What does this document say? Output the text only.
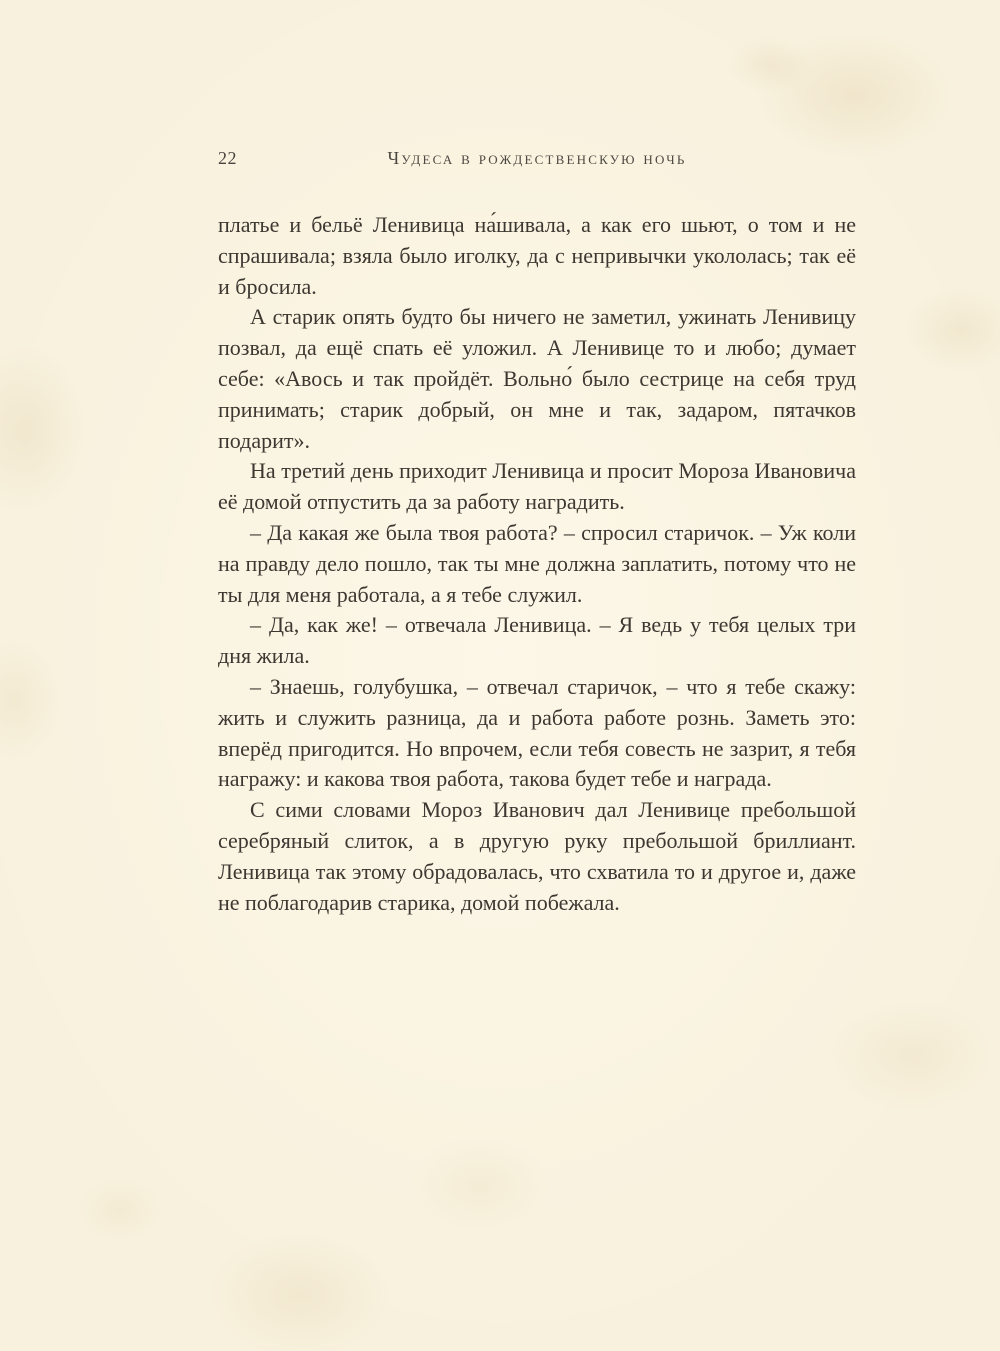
22	Чудеса в рождественскую ночь

платье и бельё Ленивица на́шивала, а как его шьют, о том и не спрашивала; взяла было иголку, да с непривычки укололась; так её и бросила.

А старик опять будто бы ничего не заметил, ужинать Ленивицу позвал, да ещё спать её уложил. А Ленивице то и любо; думает себе: «Авось и так пройдёт. Вольно́ было сестрице на себя труд принимать; старик добрый, он мне и так, задаром, пятачков подарит».

На третий день приходит Ленивица и просит Мороза Ивановича её домой отпустить да за работу наградить.

– Да какая же была твоя работа? – спросил старичок. – Уж коли на правду дело пошло, так ты мне должна заплатить, потому что не ты для меня работала, а я тебе служил.

– Да, как же! – отвечала Ленивица. – Я ведь у тебя целых три дня жила.

– Знаешь, голубушка, – отвечал старичок, – что я тебе скажу: жить и служить разница, да и работа работе рознь. Заметь это: вперёд пригодится. Но впрочем, если тебя совесть не зазрит, я тебя награжу: и какова твоя работа, такова будет тебе и награда.

С сими словами Мороз Иванович дал Ленивице пребольшой серебряный слиток, а в другую руку пребольшой бриллиант. Ленивица так этому обрадовалась, что схватила то и другое и, даже не поблагодарив старика, домой побежала.
